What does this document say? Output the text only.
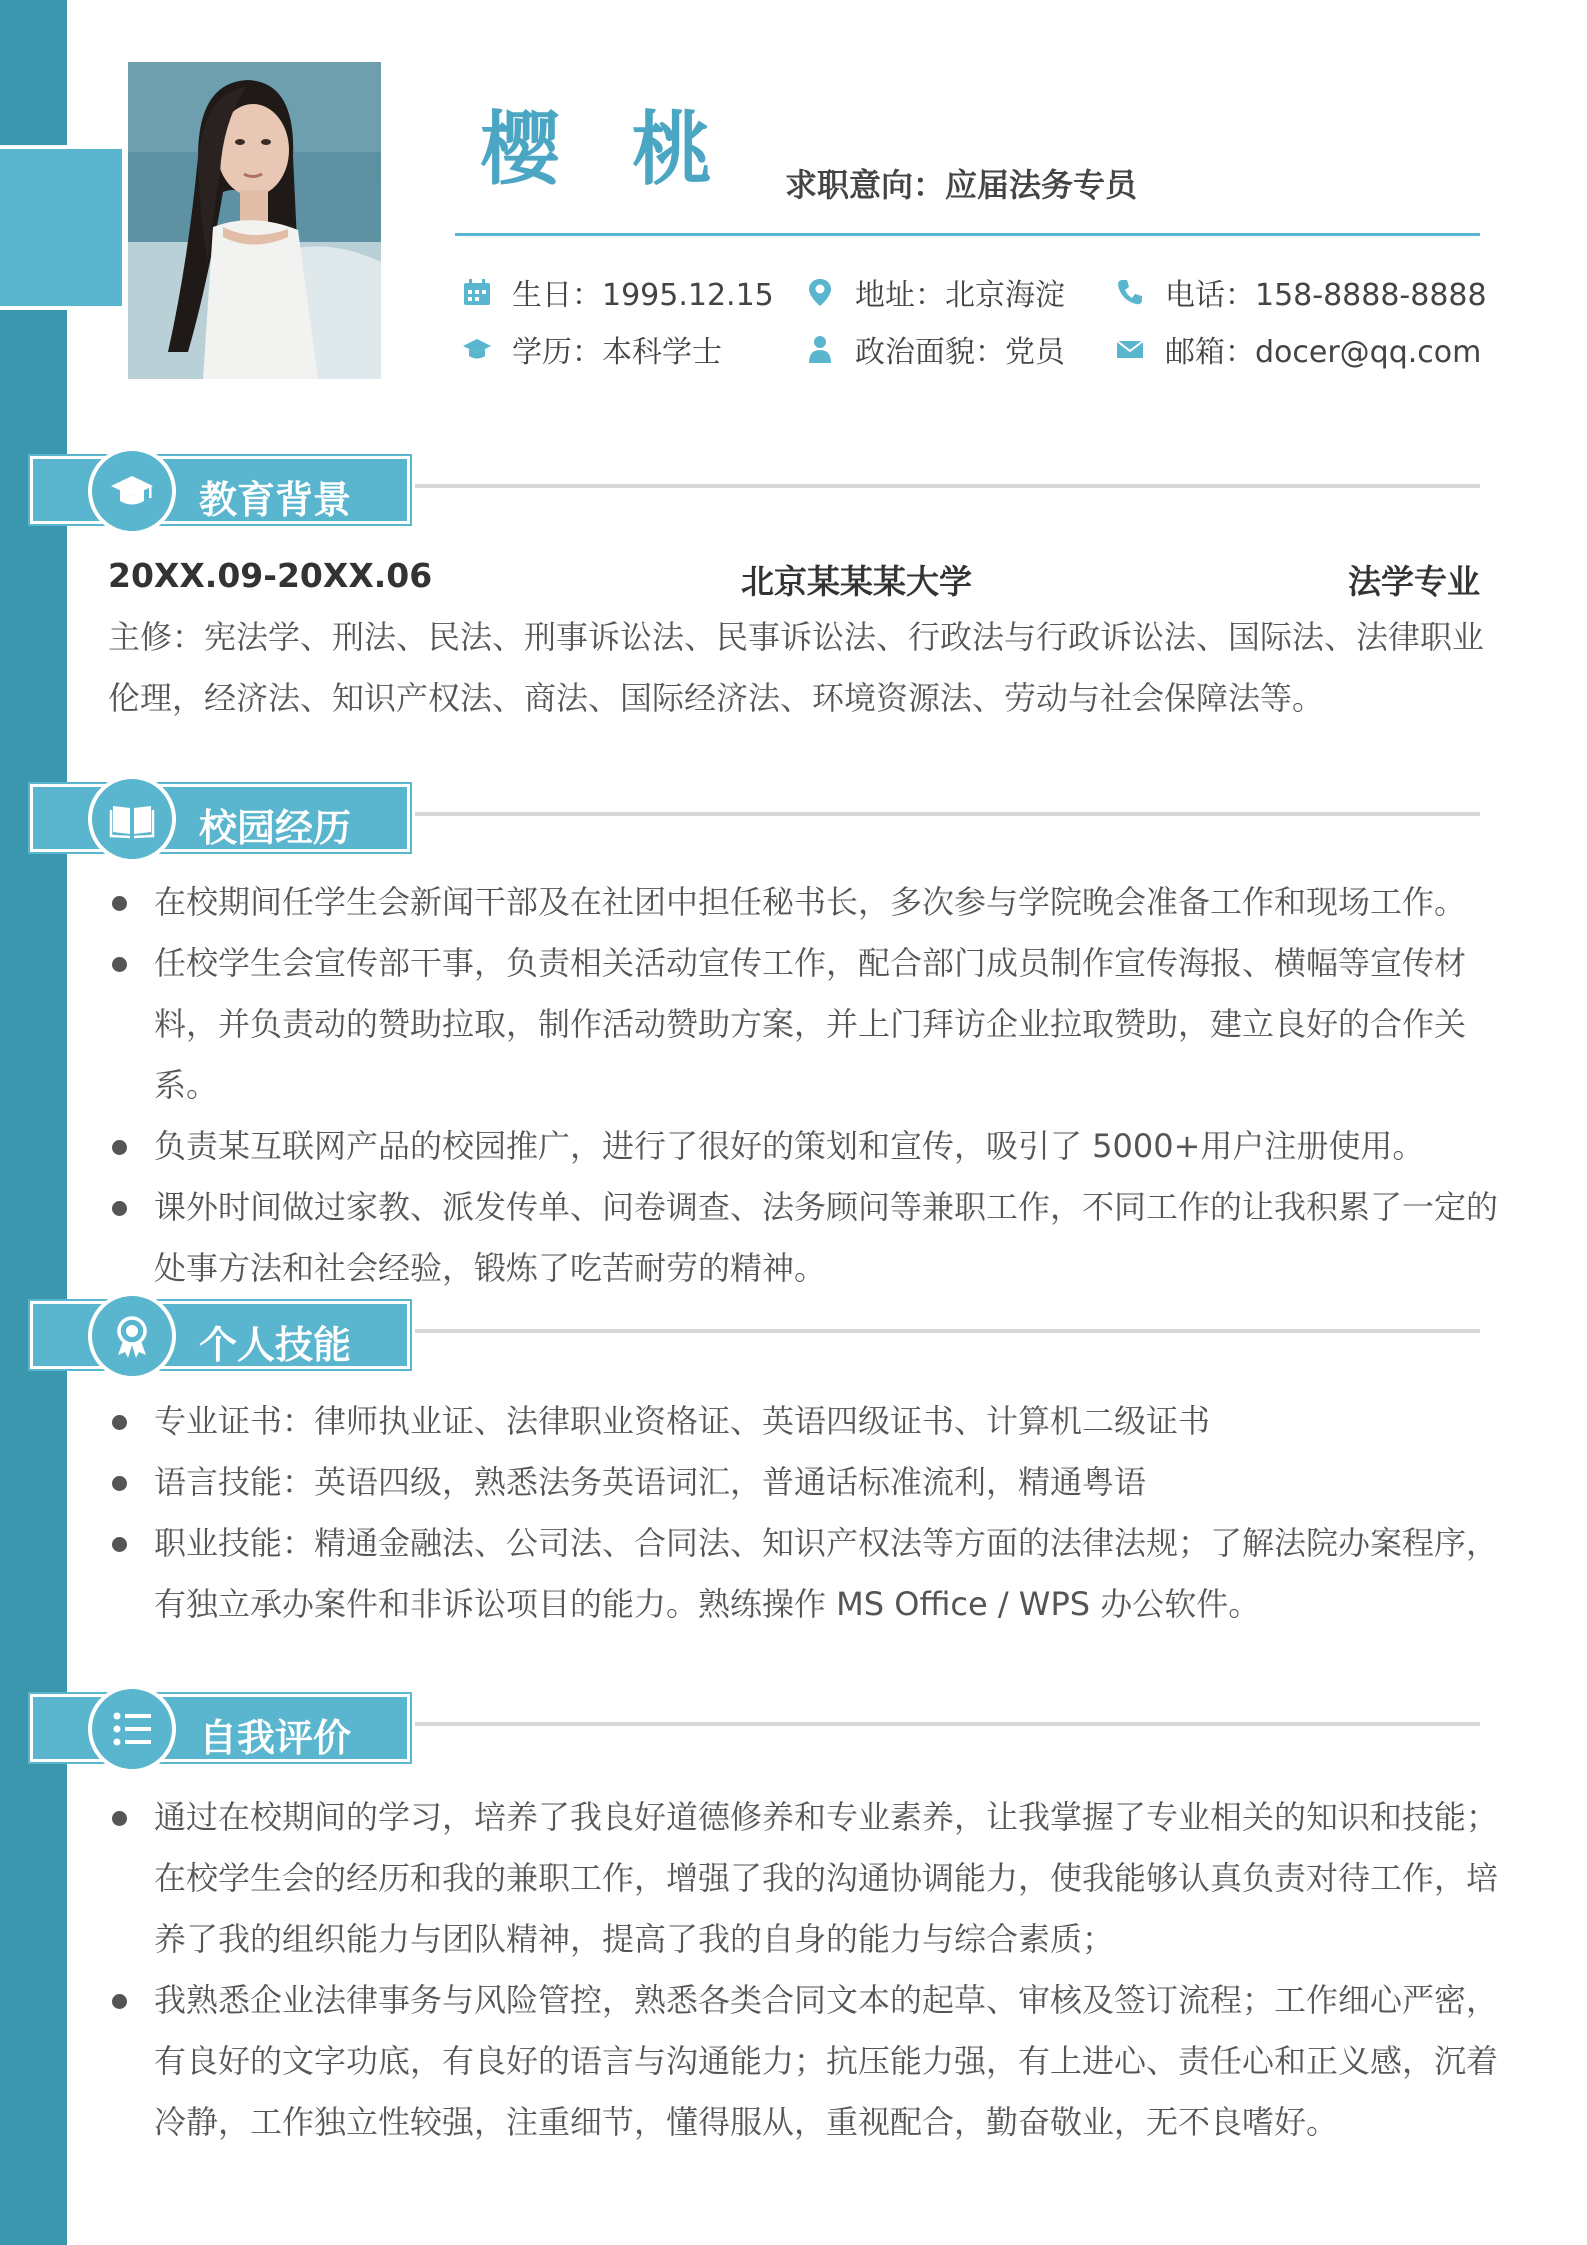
樱 桃 求职意向：应届法务专员
生日：1995.12.15	地址：北京海淀	电话：158-8888-8888
学历：本科学士	政治面貌：党员	邮箱：docer@qq.com
教育背景
20XX.09-20XX.06	北京某某某大学	法学专业
主修：宪法学、刑法、民法、刑事诉讼法、民事诉讼法、行政法与行政诉讼法、国际法、法律职业伦理，经济法、知识产权法、商法、国际经济法、环境资源法、劳动与社会保障法等。
校园经历
在校期间任学生会新闻干部及在社团中担任秘书长，多次参与学院晚会准备工作和现场工作。
任校学生会宣传部干事，负责相关活动宣传工作，配合部门成员制作宣传海报、横幅等宣传材料，并负责动的赞助拉取，制作活动赞助方案，并上门拜访企业拉取赞助，建立良好的合作关系。
负责某互联网产品的校园推广，进行了很好的策划和宣传，吸引了 5000+用户注册使用。
课外时间做过家教、派发传单、问卷调查、法务顾问等兼职工作，不同工作的让我积累了一定的处事方法和社会经验，锻炼了吃苦耐劳的精神。
个人技能
专业证书：律师执业证、法律职业资格证、英语四级证书、计算机二级证书
语言技能：英语四级，熟悉法务英语词汇，普通话标准流利，精通粤语
职业技能：精通金融法、公司法、合同法、知识产权法等方面的法律法规；了解法院办案程序，有独立承办案件和非诉讼项目的能力。熟练操作 MS Office / WPS 办公软件。
自我评价
通过在校期间的学习，培养了我良好道德修养和专业素养，让我掌握了专业相关的知识和技能；在校学生会的经历和我的兼职工作，增强了我的沟通协调能力，使我能够认真负责对待工作，培养了我的组织能力与团队精神，提高了我的自身的能力与综合素质；
我熟悉企业法律事务与风险管控，熟悉各类合同文本的起草、审核及签订流程；工作细心严密，有良好的文字功底，有良好的语言与沟通能力；抗压能力强，有上进心、责任心和正义感，沉着冷静，工作独立性较强，注重细节，懂得服从，重视配合，勤奋敬业，无不良嗜好。
